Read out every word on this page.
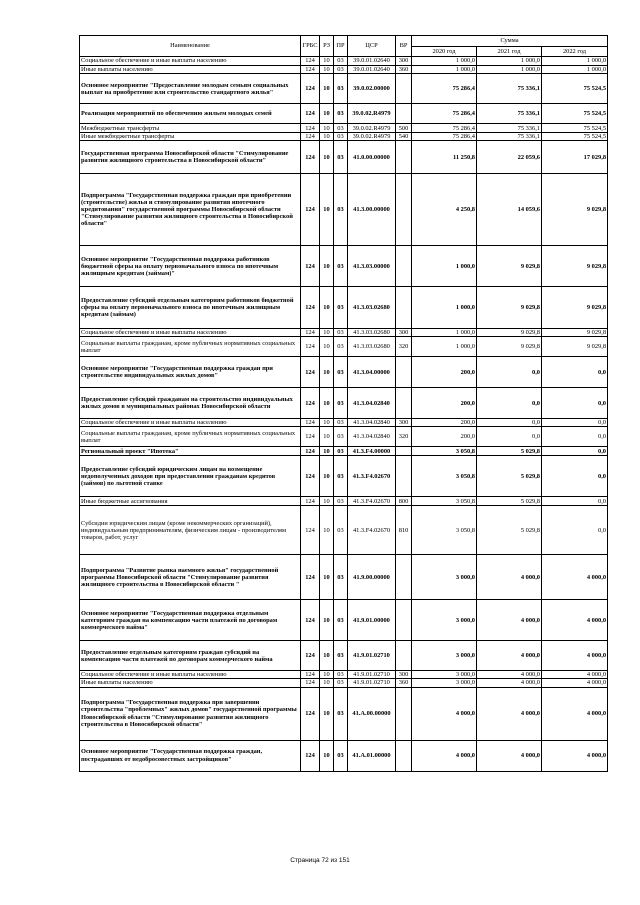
Наименование	ГРБС	РЗ	ПР	ЦСР	ВР	Сумма		
						2020 год	2021 год	2022 год
Социальное обеспечение и иные выплаты населению	124	10	03	39.0.01.02640	300	1 000,0	1 000,0	1 000,0
Иные выплаты населению	124	10	03	39.0.01.02640	360	1 000,0	1 000,0	1 000,0
Основное мероприятие "Предоставление молодым семьям социальных выплат на приобретение или строительство стандартного жилья"	124	10	03	39.0.02.00000		75 286,4	75 336,1	75 524,5
Реализация мероприятий по обеспечению жильем молодых семей	124	10	03	39.0.02.R4979		75 286,4	75 336,1	75 524,5
Межбюджетные трансферты	124	10	03	39.0.02.R4979	500	75 286,4	75 336,1	75 524,5
Иные межбюджетные трансферты	124	10	03	39.0.02.R4979	540	75 286,4	75 336,1	75 524,5
Государственная программа Новосибирской области "Стимулирование развития жилищного строительства в Новосибирской области"	124	10	03	41.0.00.00000		11 250,8	22 059,6	17 029,8
Подпрограмма "Государственная поддержка граждан при приобретении (строительстве) жилья и стимулирование развития ипотечного кредитования" государственной программы Новосибирской области "Стимулирование развития жилищного строительства в Новосибирской области"	124	10	03	41.3.00.00000		4 250,8	14 059,6	9 029,8
Основное мероприятие "Государственная поддержка работников бюджетной сферы на оплату первоначального взноса по ипотечным жилищным кредитам (займам)"	124	10	03	41.3.03.00000		1 000,0	9 029,8	9 029,8
Предоставление субсидий отдельным категориям работников бюджетной сферы на оплату первоначального взноса по ипотечным жилищным кредитам (займам)	124	10	03	41.3.03.02680		1 000,0	9 029,8	9 029,8
Социальное обеспечение и иные выплаты населению	124	10	03	41.3.03.02680	300	1 000,0	9 029,8	9 029,8
Социальные выплаты гражданам, кроме публичных нормативных социальных выплат	124	10	03	41.3.03.02680	320	1 000,0	9 029,8	9 029,8
Основное мероприятие "Государственная поддержка граждан при строительстве индивидуальных жилых домов"	124	10	03	41.3.04.00000		200,0	0,0	0,0
Предоставление субсидий гражданам на строительство индивидуальных жилых домов в муниципальных районах Новосибирской области	124	10	03	41.3.04.02840		200,0	0,0	0,0
Социальное обеспечение и иные выплаты населению	124	10	03	41.3.04.02840	300	200,0	0,0	0,0
Социальные выплаты гражданам, кроме публичных нормативных социальных выплат	124	10	03	41.3.04.02840	320	200,0	0,0	0,0
Региональный проект "Ипотека"	124	10	03	41.3.F4.00000		3 050,8	5 029,8	0,0
Предоставление субсидий юридическим лицам на возмещение недополученных доходов при предоставлении гражданам кредитов (займов) по льготной ставке	124	10	03	41.3.F4.02670		3 050,8	5 029,8	0,0
Иные бюджетные ассигнования	124	10	03	41.3.F4.02670	800	3 050,8	5 029,8	0,0
Субсидии юридическим лицам (кроме некоммерческих организаций), индивидуальным предпринимателям, физическим лицам - производителям товаров, работ, услуг	124	10	03	41.3.F4.02670	810	3 050,8	5 029,8	0,0
Подпрограмма "Развитие рынка наемного жилья" государственной программы Новосибирской области "Стимулирование развития жилищного строительства в Новосибирской области "	124	10	03	41.9.00.00000		3 000,0	4 000,0	4 000,0
Основное мероприятие "Государственная поддержка отдельным категориям граждан на компенсацию части платежей по договорам коммерческого найма"	124	10	03	41.9.01.00000		3 000,0	4 000,0	4 000,0
Предоставление отдельным категориям граждан субсидий на компенсацию части платежей по договорам коммерческого найма	124	10	03	41.9.01.02710		3 000,0	4 000,0	4 000,0
Социальное обеспечение и иные выплаты населению	124	10	03	41.9.01.02710	300	3 000,0	4 000,0	4 000,0
Иные выплаты населению	124	10	03	41.9.01.02710	360	3 000,0	4 000,0	4 000,0
Подпрограмма "Государственная поддержка при завершении строительства "проблемных" жилых домов" государственной программы Новосибирской области "Стимулирование развития жилищного строительства в Новосибирской области"	124	10	03	41.А.00.00000		4 000,0	4 000,0	4 000,0
Основное мероприятие "Государственная поддержка граждан, пострадавших от недобросовестных застройщиков"	124	10	03	41.А.01.00000		4 000,0	4 000,0	4 000,0
Страница 72 из 151
